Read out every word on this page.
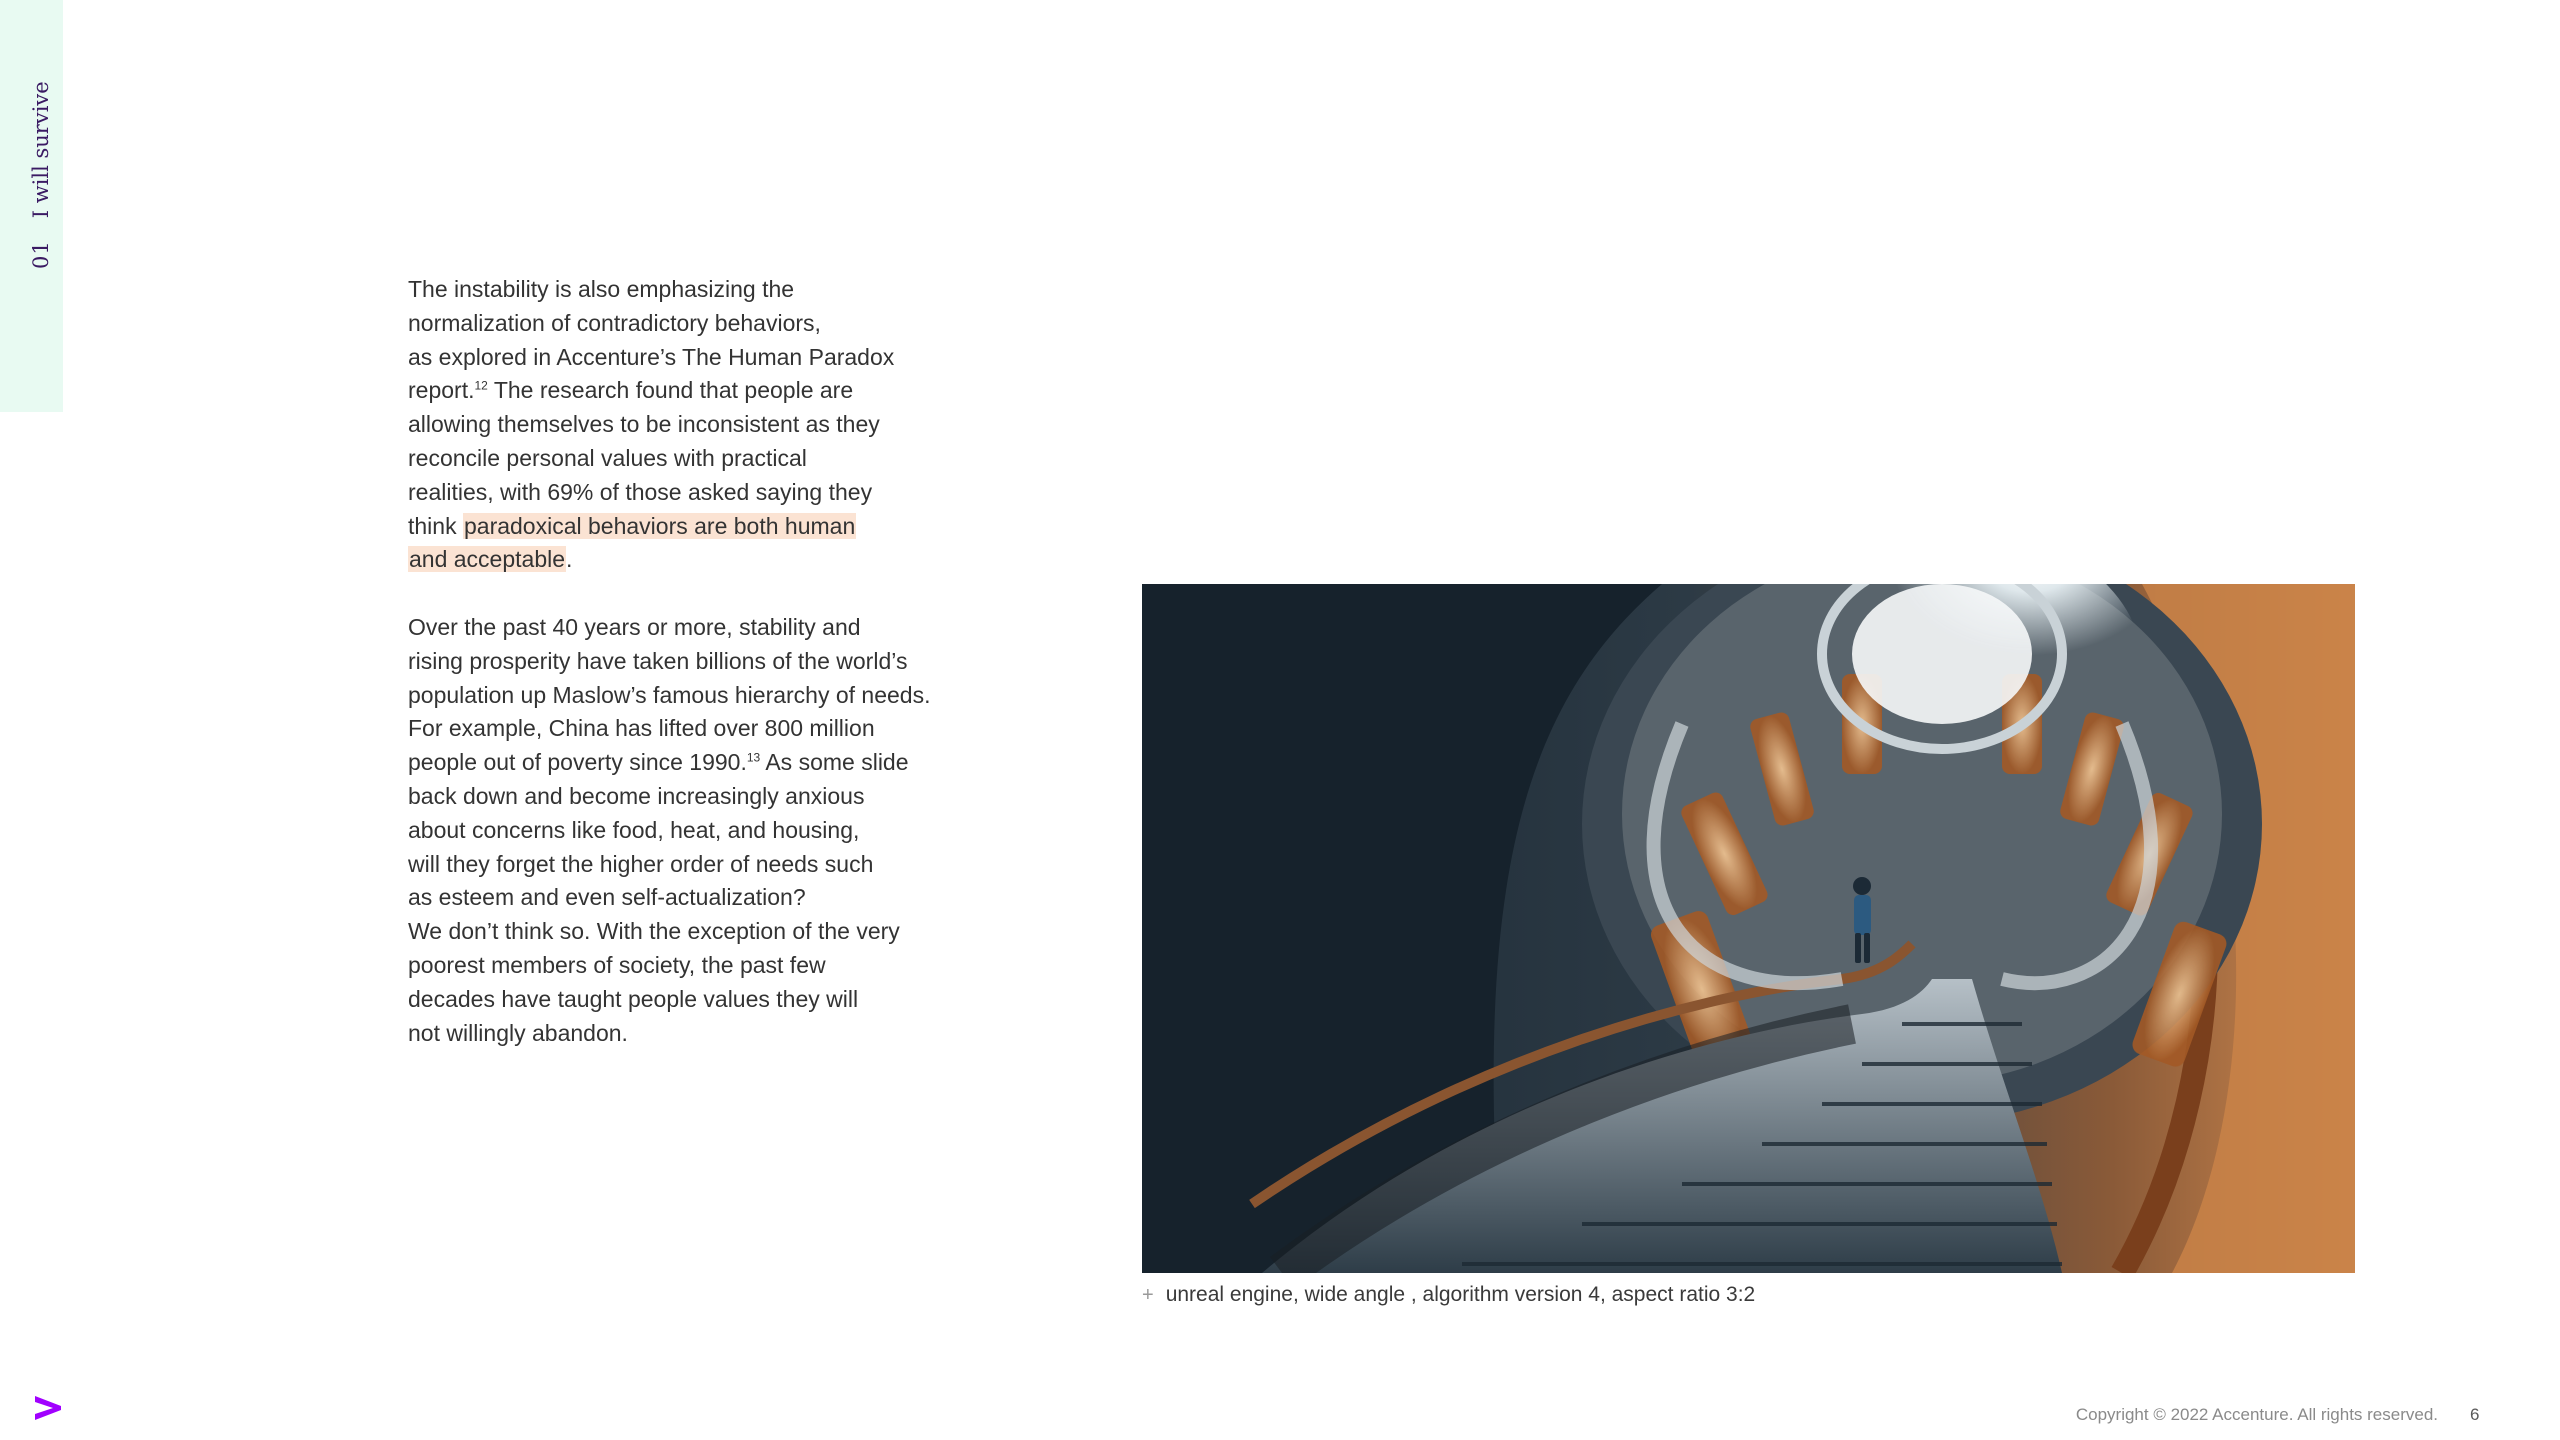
01
I will survive

The instability is also emphasizing the

normalization of contradictory behaviors,

as explored in Accenture’s The Human Paradox

report.$^{12}$ The research found that people are

allowing themselves to be inconsistent as they

reconcile personal values with practical

realities, with 69% of those asked saying they

think paradoxical behaviors are both human

and acceptable.

Over the past 40 years or more, stability and

rising prosperity have taken billions of the world’s

population up Maslow’s famous hierarchy of needs.

For example, China has lifted over 800 million

people out of poverty since 1990.13 As some slide

back down and become increasingly anxious

about concerns like food, heat, and housing,

will they forget the higher order of needs such

as esteem and even self-actualization?

We don’t think so. With the exception of the very

poorest members of society, the past few

decades have taught people values they will

not willingly abandon.

+ unreal engine, wide angle , algorithm version 4, aspect ratio 3:2
Copyright © 2022 Accenture. All rights reserved. 6
